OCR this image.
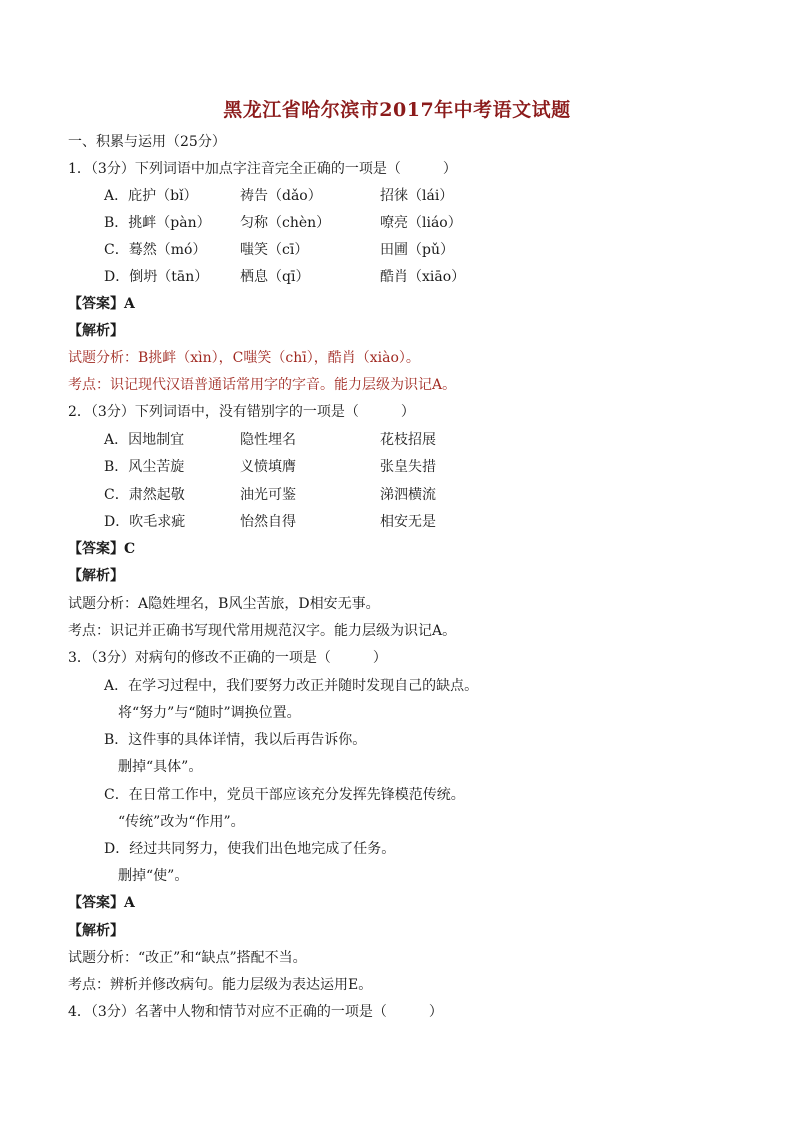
黑龙江省哈尔滨市2017年中考语文试题
一、积累与运用（25分）
1．（3分）下列词语中加点字注音完全正确的一项是（　　　）
A．庇护（bǐ）	祷告（dǎo）	招徕（lái）
B．挑衅（pàn） 匀称（chèn）	嘹亮（liáo）
C．蓦然（mó） 嗤笑（cī）	田圃（pǔ）
D．倒坍（tān） 栖息（qī）	酷肖（xiāo）
【答案】A
【解析】
试题分析：B挑衅（xìn），C嗤笑（chī），酷肖（xiào）。
考点：识记现代汉语普通话常用字的字音。能力层级为识记A。
2．（3分）下列词语中，没有错别字的一项是（　　　）
A．因地制宜	隐性埋名	花枝招展
B．风尘苦旋	义愤填膺	张皇失措
C．肃然起敬	油光可鉴	涕泗横流
D．吹毛求疵	怡然自得	相安无是
【答案】C
【解析】
试题分析：A隐姓埋名，B风尘苦旅，D相安无事。
考点：识记并正确书写现代常用规范汉字。能力层级为识记A。
3．（3分）对病句的修改不正确的一项是（　　　）
A．在学习过程中，我们要努力改正并随时发现自己的缺点。
将“努力”与“随时”调换位置。
B．这件事的具体详情，我以后再告诉你。
删掉“具体”。
C．在日常工作中，党员干部应该充分发挥先锋模范传统。
“传统”改为“作用”。
D．经过共同努力，使我们出色地完成了任务。
删掉“使”。
【答案】A
【解析】
试题分析：“改正”和“缺点”搭配不当。
考点：辨析并修改病句。能力层级为表达运用E。
4．（3分）名著中人物和情节对应不正确的一项是（　　　）
